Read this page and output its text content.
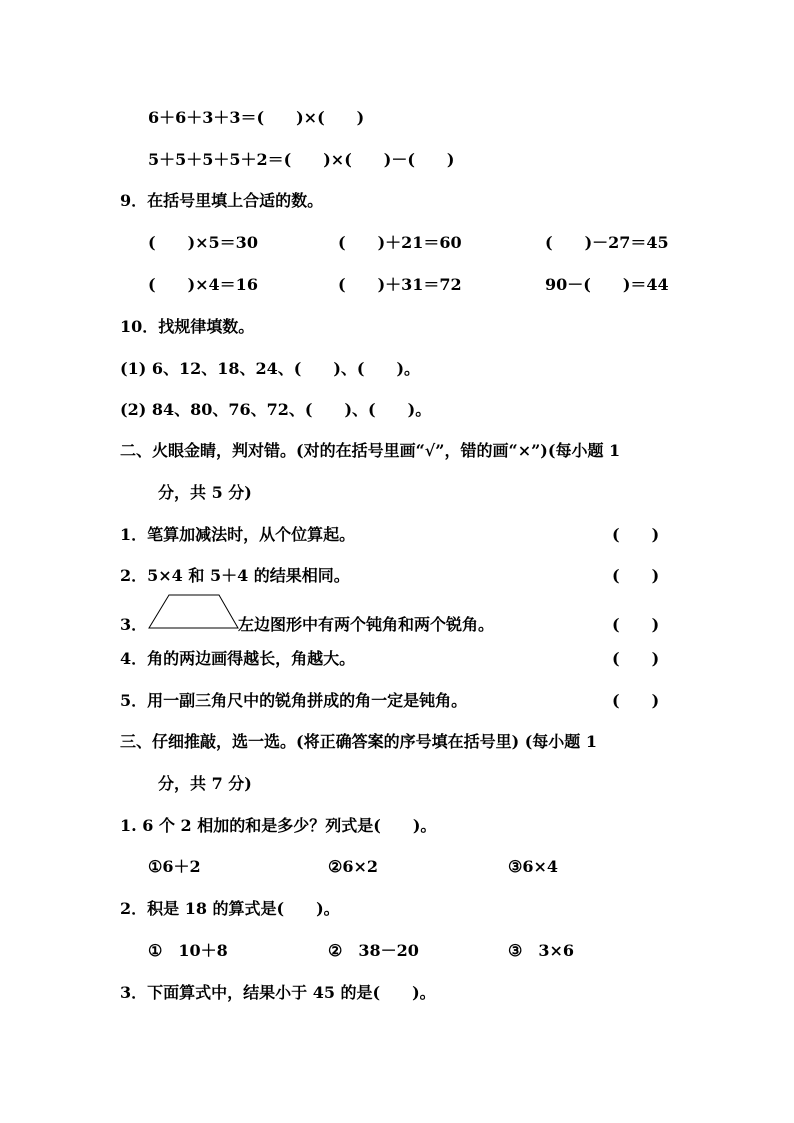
6＋6＋3＋3＝(　　)×(　　)
5＋5＋5＋5＋2＝(　　)×(　　)－(　　)
9．在括号里填上合适的数。
(　　)×5＝30	(　　)＋21＝60	(　　)－27＝45
(　　)×4＝16	(　　)＋31＝72	90－(　　)＝44
10．找规律填数。
(1) 6、12、18、24、(　　)、(　　)。
(2) 84、80、76、72、(　　)、(　　)。
二、火眼金睛，判对错。(对的在括号里画“√”，错的画“×”)(每小题 1
分，共 5 分)
1．笔算加减法时，从个位算起。	(　　)
2．5×4 和 5＋4 的结果相同。	(　　)
3．	左边图形中有两个钝角和两个锐角。	(　　)
4．角的两边画得越长，角越大。	(　　)
5．用一副三角尺中的锐角拼成的角一定是钝角。	(　　)
三、仔细推敲，选一选。(将正确答案的序号填在括号里) (每小题 1
分，共 7 分)
1. 6 个 2 相加的和是多少？列式是(　　)。
①6＋2	②6×2	③6×4
2．积是 18 的算式是(　　)。
①　10＋8	②　38－20	③　3×6
3．下面算式中，结果小于 45 的是(　　)。
